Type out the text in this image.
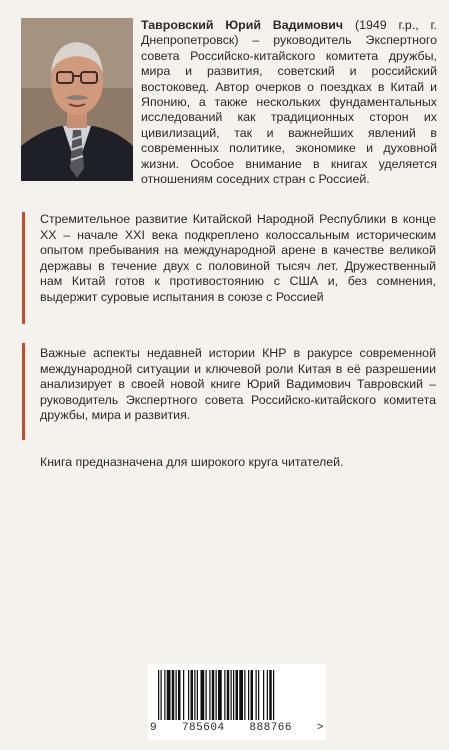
Тавровский Юрий Вадимович (1949 г.р., г. Днепропетровск) – руководитель Экспертного совета Российско-китайского комитета дружбы, мира и развития, советский и российский востоковед. Автор очерков о поездках в Китай и Японию, а также нескольких фундаментальных исследований как традиционных сторон их цивилизаций, так и важнейших явлений в современных политике, экономике и духовной жизни. Особое внимание в книгах уделяется отношениям соседних стран с Россией.
Стремительное развитие Китайской Народной Республики в конце XX – начале XXI века подкреплено колоссальным историческим опытом пребывания на международной арене в качестве великой державы в течение двух с половиной тысяч лет. Дружественный нам Китай готов к противостоянию с США и, без сомнения, выдержит суровые испытания в союзе с Россией
Важные аспекты недавней истории КНР в ракурсе современной международной ситуации и ключевой роли Китая в её разрешении анализирует в своей новой книге Юрий Вадимович Тавровский – руководитель Экспертного совета Российско-китайского комитета дружбы, мира и развития.
Книга предназначена для широкого круга читателей.
9 785604 888766 >
